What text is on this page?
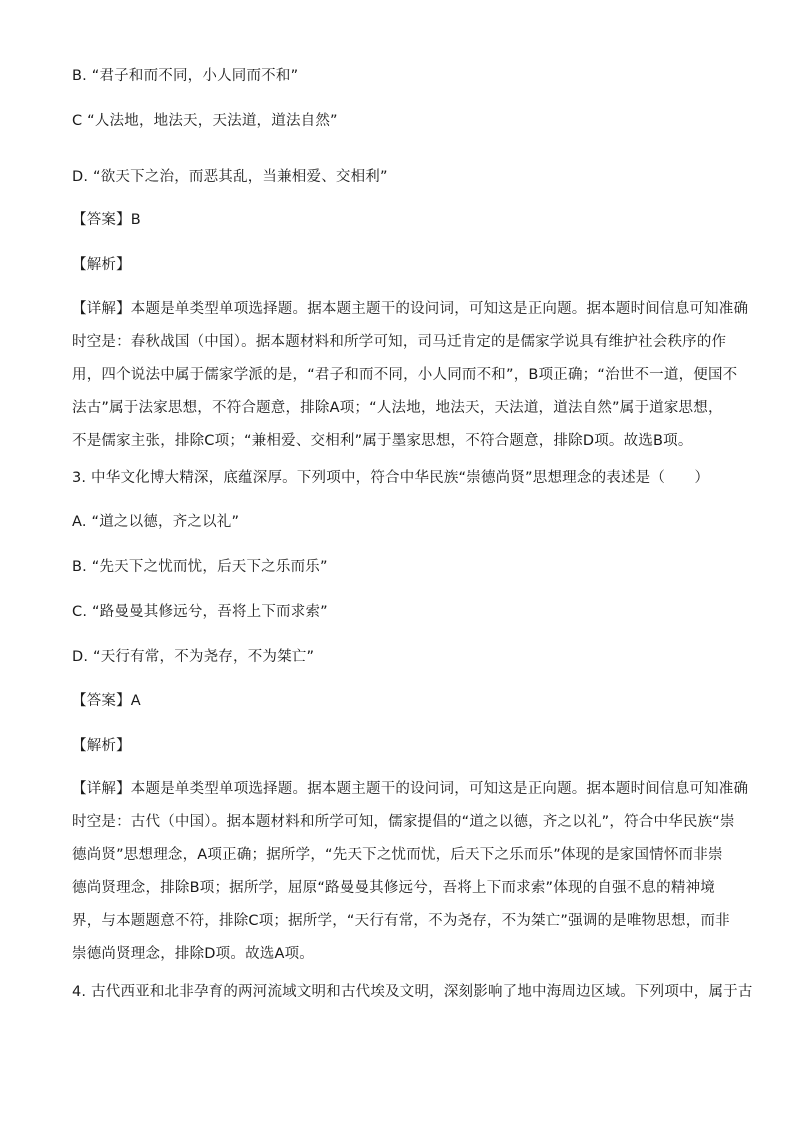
B. “君子和而不同，小人同而不和”
C “人法地，地法天，天法道，道法自然”
D. “欲天下之治，而恶其乱，当兼相爱、交相利”
【答案】B
【解析】
【详解】本题是单类型单项选择题。据本题主题干的设问词，可知这是正向题。据本题时间信息可知准确
时空是：春秋战国（中国）。据本题材料和所学可知，司马迁肯定的是儒家学说具有维护社会秩序的作
用，四个说法中属于儒家学派的是，“君子和而不同，小人同而不和”，B项正确；“治世不一道，便国不
法古”属于法家思想，不符合题意，排除A项；“人法地，地法天，天法道，道法自然”属于道家思想，
不是儒家主张，排除C项；“兼相爱、交相利”属于墨家思想，不符合题意，排除D项。故选B项。
3. 中华文化博大精深，底蕴深厚。下列项中，符合中华民族“崇德尚贤”思想理念的表述是（　　）
A. “道之以德，齐之以礼”
B. “先天下之忧而忧，后天下之乐而乐”
C. “路曼曼其修远兮，吾将上下而求索”
D. “天行有常，不为尧存，不为桀亡”
【答案】A
【解析】
【详解】本题是单类型单项选择题。据本题主题干的设问词，可知这是正向题。据本题时间信息可知准确
时空是：古代（中国）。据本题材料和所学可知，儒家提倡的“道之以德，齐之以礼”，符合中华民族“崇
德尚贤”思想理念，A项正确；据所学，“先天下之忧而忧，后天下之乐而乐”体现的是家国情怀而非崇
德尚贤理念，排除B项；据所学，屈原“路曼曼其修远兮，吾将上下而求索”体现的自强不息的精神境
界，与本题题意不符，排除C项；据所学，“天行有常，不为尧存，不为桀亡”强调的是唯物思想，而非
崇德尚贤理念，排除D项。故选A项。
4. 古代西亚和北非孕育的两河流域文明和古代埃及文明，深刻影响了地中海周边区域。下列项中，属于古
